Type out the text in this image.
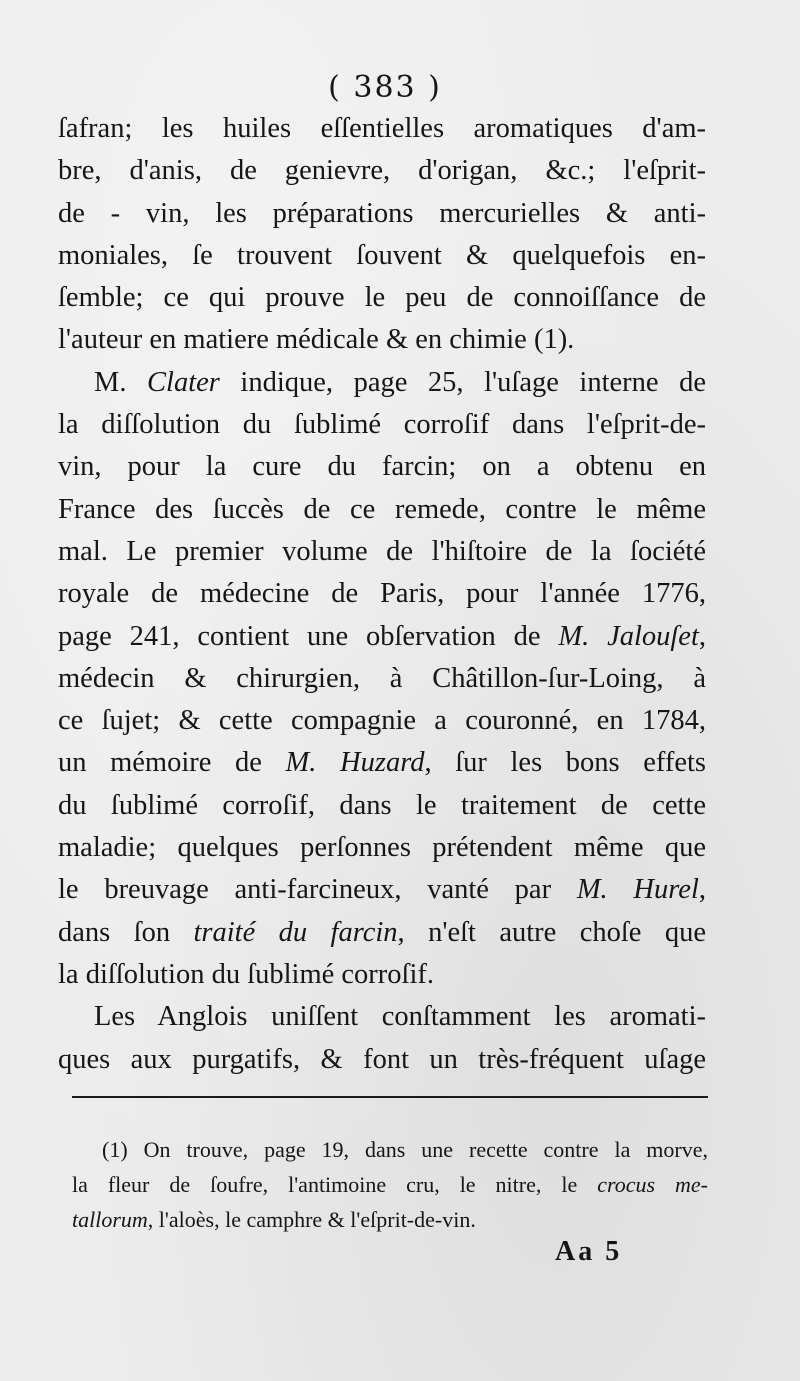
( 383 )
ſafran; les huiles eſſentielles aromatiques d'am-
bre, d'anis, de genievre, d'origan, &c.; l'eſprit-
de - vin, les préparations mercurielles & anti-
moniales, ſe trouvent ſouvent & quelquefois en-
ſemble; ce qui prouve le peu de connoiſſance de
l'auteur en matiere médicale & en chimie (1).
M. Clater indique, page 25, l'uſage interne de
la diſſolution du ſublimé corroſif dans l'eſprit-de-
vin, pour la cure du farcin; on a obtenu en
France des ſuccès de ce remede, contre le même
mal. Le premier volume de l'hiſtoire de la ſociété
royale de médecine de Paris, pour l'année 1776,
page 241, contient une obſervation de M. Jalouſet,
médecin & chirurgien, à Châtillon-ſur-Loing, à
ce ſujet; & cette compagnie a couronné, en 1784,
un mémoire de M. Huzard, ſur les bons effets
du ſublimé corroſif, dans le traitement de cette
maladie; quelques perſonnes prétendent même que
le breuvage anti-farcineux, vanté par M. Hurel,
dans ſon traité du farcin, n'eſt autre choſe que
la diſſolution du ſublimé corroſif.
Les Anglois uniſſent conſtamment les aromati-
ques aux purgatifs, & font un très-fréquent uſage
(1) On trouve, page 19, dans une recette contre la morve,
la fleur de ſoufre, l'antimoine cru, le nitre, le crocus me-
tallorum, l'aloès, le camphre & l'eſprit-de-vin.
Aa 5
